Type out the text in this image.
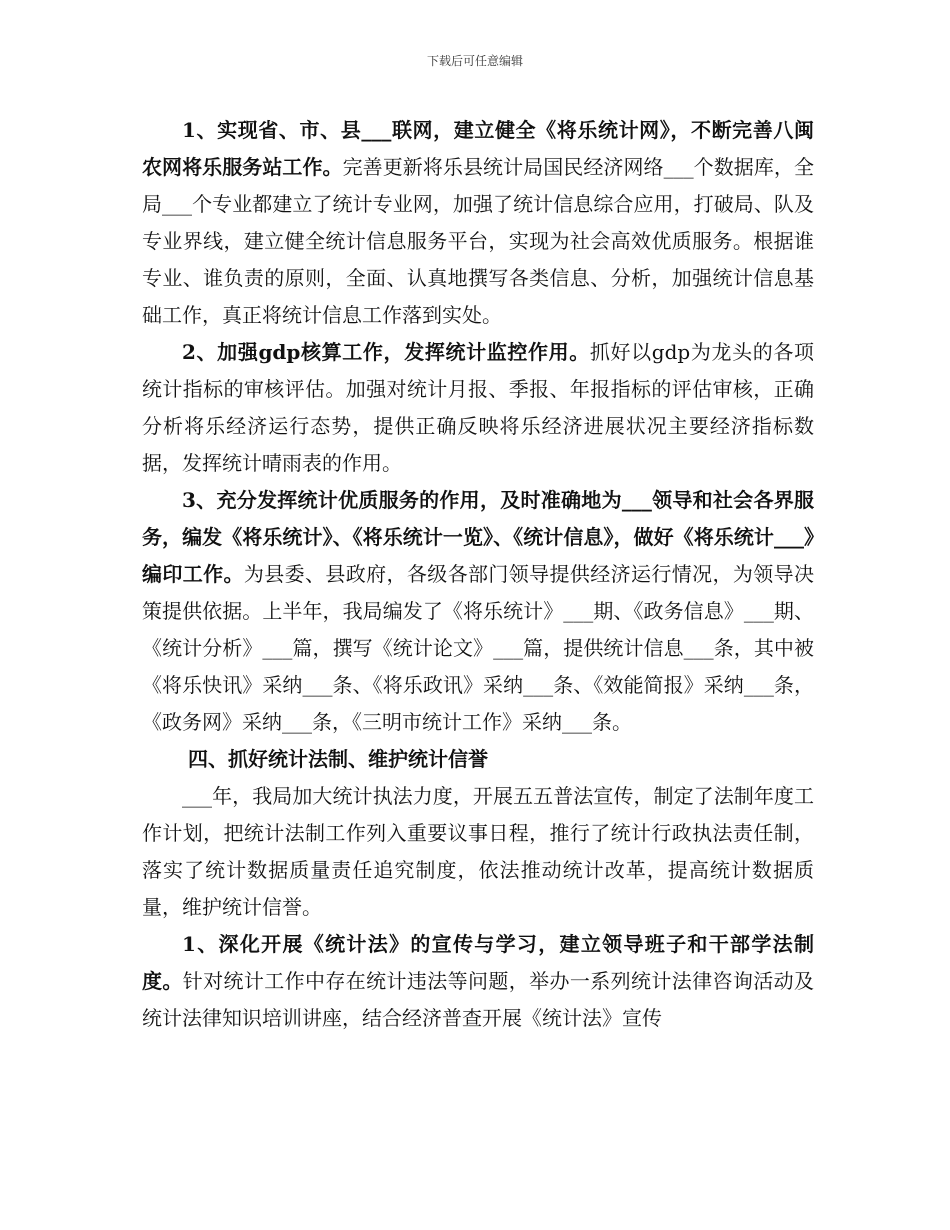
下载后可任意编辑

1、实现省、市、县___联网，建立健全《将乐统计网》，不断完善八闽农网将乐服务站工作。完善更新将乐县统计局国民经济网络___个数据库，全局___个专业都建立了统计专业网，加强了统计信息综合应用，打破局、队及专业界线，建立健全统计信息服务平台，实现为社会高效优质服务。根据谁专业、谁负责的原则，全面、认真地撰写各类信息、分析，加强统计信息基础工作，真正将统计信息工作落到实处。

2、加强gdp核算工作，发挥统计监控作用。抓好以gdp为龙头的各项统计指标的审核评估。加强对统计月报、季报、年报指标的评估审核，正确分析将乐经济运行态势，提供正确反映将乐经济进展状况主要经济指标数据，发挥统计晴雨表的作用。

3、充分发挥统计优质服务的作用，及时准确地为___领导和社会各界服务，编发《将乐统计》、《将乐统计一览》、《统计信息》，做好《将乐统计___》编印工作。为县委、县政府，各级各部门领导提供经济运行情况，为领导决策提供依据。上半年，我局编发了《将乐统计》___期、《政务信息》___期、《统计分析》___篇，撰写《统计论文》___篇，提供统计信息___条，其中被《将乐快讯》采纳___条、《将乐政讯》采纳___条、《效能简报》采纳___条，《政务网》采纳___条，《三明市统计工作》采纳___条。

四、抓好统计法制、维护统计信誉

___年，我局加大统计执法力度，开展五五普法宣传，制定了法制年度工作计划，把统计法制工作列入重要议事日程，推行了统计行政执法责任制，落实了统计数据质量责任追究制度，依法推动统计改革，提高统计数据质量，维护统计信誉。

1、深化开展《统计法》的宣传与学习，建立领导班子和干部学法制度。针对统计工作中存在统计违法等问题，举办一系列统计法律咨询活动及统计法律知识培训讲座，结合经济普查开展《统计法》宣传
